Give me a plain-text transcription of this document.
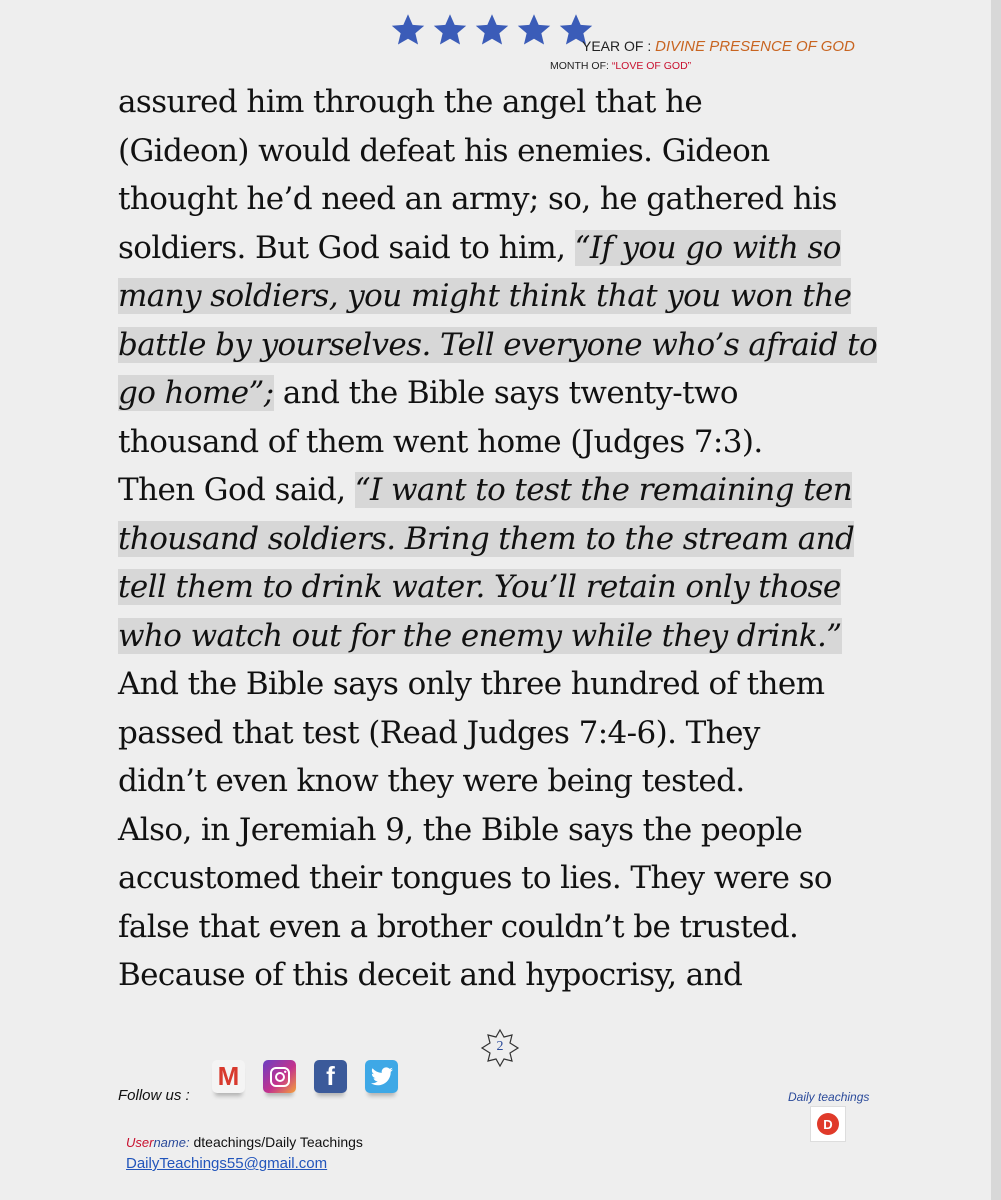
YEAR OF : DIVINE PRESENCE OF GOD
MONTH OF: “LOVE OF GOD”
assured him through the angel that he
(Gideon) would defeat his enemies. Gideon
thought he’d need an army; so, he gathered his
soldiers. But God said to him, “If you go with so
many soldiers, you might think that you won the
battle by yourselves. Tell everyone who’s afraid to
go home”; and the Bible says twenty-two
thousand of them went home (Judges 7:3).
Then God said, “I want to test the remaining ten
thousand soldiers. Bring them to the stream and
tell them to drink water. You’ll retain only those
who watch out for the enemy while they drink.”
And the Bible says only three hundred of them
passed that test (Read Judges 7:4-6). They
didn’t even know they were being tested.
Also, in Jeremiah 9, the Bible says the people
accustomed their tongues to lies. They were so
false that even a brother couldn’t be trusted.
Because of this deceit and hypocrisy, and
2
Follow us :
M	f
Daily teachings
D
Username: dteachings/Daily Teachings
DailyTeachings55@gmail.com
